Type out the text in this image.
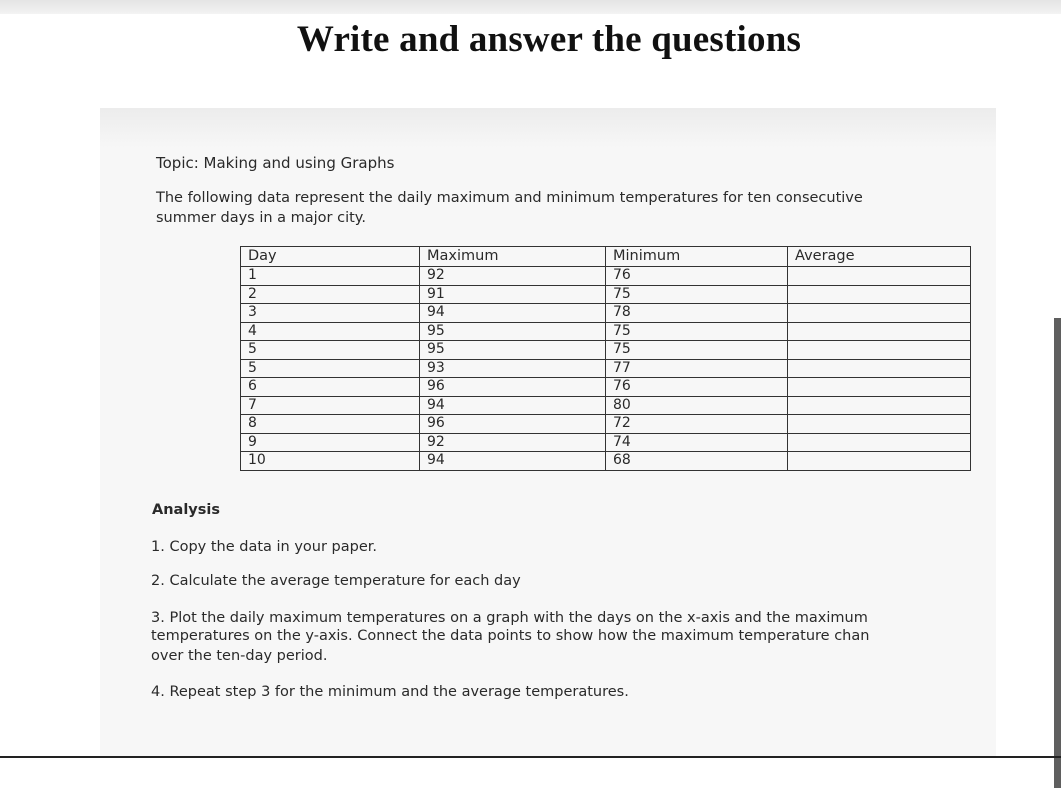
Write and answer the questions
Topic: Making and using Graphs
The following data represent the daily maximum and minimum temperatures for ten consecutive
summer days in a major city.
Day	Maximum	Minimum	Average
1	92	76	
2	91	75	
3	94	78	
4	95	75	
5	95	75	
5	93	77	
6	96	76	
7	94	80	
8	96	72	
9	92	74	
10	94	68	
Analysis
1. Copy the data in your paper.
2. Calculate the average temperature for each day
3. Plot the daily maximum temperatures on a graph with the days on the x-axis and the maximum
temperatures on the y-axis. Connect the data points to show how the maximum temperature chan
over the ten-day period.
4. Repeat step 3 for the minimum and the average temperatures.
